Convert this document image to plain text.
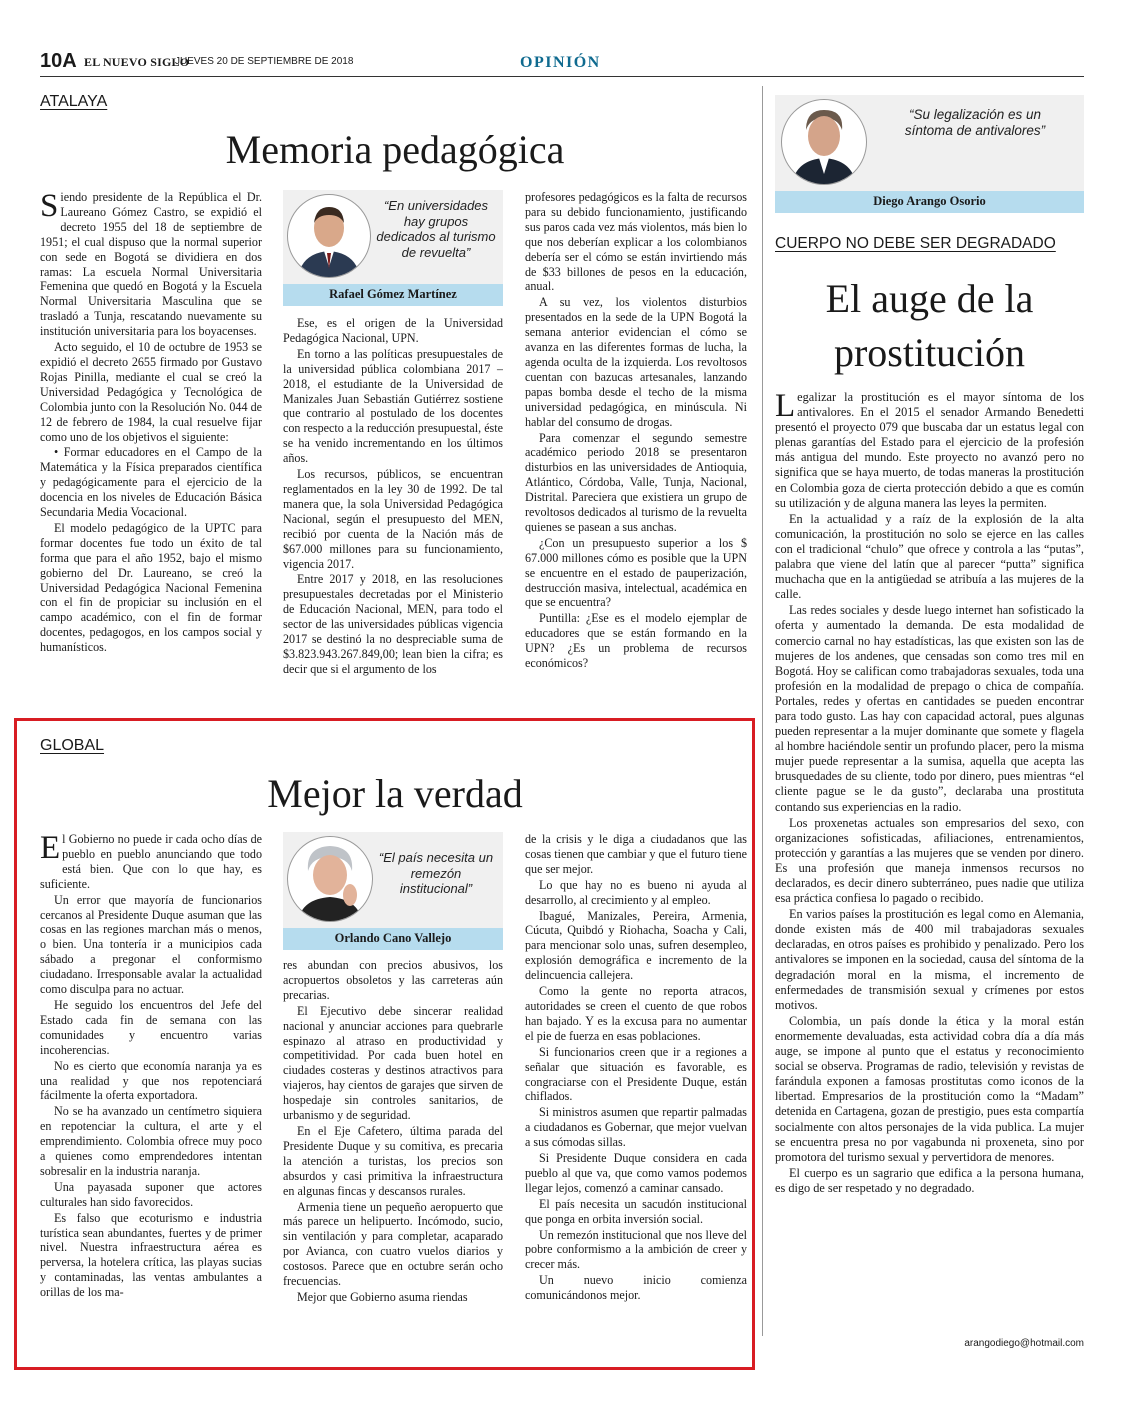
10A EL NUEVO SIGLO
JUEVES 20 DE SEPTIEMBRE DE 2018	OPINIÓN
ATALAYA
Memoria pedagógica

Siendo presidente de la República el Dr. Laureano Gómez Castro, se expidió el decreto 1955 del 18 de septiembre de 1951; el cual dispuso que la normal superior con sede en Bogotá se dividiera en dos ramas: La escuela Normal Universitaria Femenina que quedó en Bogotá y la Escuela Normal Universitaria Masculina que se trasladó a Tunja, rescatando nuevamente su institución universitaria para los boyacenses.

Acto seguido, el 10 de octubre de 1953 se expidió el decreto 2655 firmado por Gustavo Rojas Pinilla, mediante el cual se creó la Universidad Pedagógica y Tecnológica de Colombia junto con la Resolución No. 044 de 12 de febrero de 1984, la cual resuelve fijar como uno de los objetivos el siguiente:

• Formar educadores en el Campo de la Matemática y la Física preparados científica y pedagógicamente para el ejercicio de la docencia en los niveles de Educación Básica Secundaria Media Vocacional.

El modelo pedagógico de la UPTC para formar docentes fue todo un éxito de tal forma que para el año 1952, bajo el mismo gobierno del Dr. Laureano, se creó la Universidad Pedagógica Nacional Femenina con el fin de propiciar su inclusión en el campo académico, con el fin de formar docentes, pedagogos, en los campos social y humanísticos.

“En universidades hay grupos dedicados al turismo de revuelta”
Rafael Gómez Martínez

Ese, es el origen de la Universidad Pedagógica Nacional, UPN.

En torno a las políticas presupuestales de la universidad pública colombiana 2017 – 2018, el estudiante de la Universidad de Manizales Juan Sebastián Gutiérrez sostiene que contrario al postulado de los docentes con respecto a la reducción presupuestal, éste se ha venido incrementando en los últimos años.

Los recursos, públicos, se encuentran reglamentados en la ley 30 de 1992. De tal manera que, la sola Universidad Pedagógica Nacional, según el presupuesto del MEN, recibió por cuenta de la Nación más de $67.000 millones para su funcionamiento, vigencia 2017.

Entre 2017 y 2018, en las resoluciones presupuestales decretadas por el Ministerio de Educación Nacional, MEN, para todo el sector de las universidades públicas vigencia 2017 se destinó la no despreciable suma de $3.823.943.267.849,00; lean bien la cifra; es decir que si el argumento de los

profesores pedagógicos es la falta de recursos para su debido funcionamiento, justificando sus paros cada vez más violentos, más bien lo que nos deberían explicar a los colombianos debería ser el cómo se están invirtiendo más de $33 billones de pesos en la educación, anual.

A su vez, los violentos disturbios presentados en la sede de la UPN Bogotá la semana anterior evidencian el cómo se avanza en las diferentes formas de lucha, la agenda oculta de la izquierda. Los revoltosos cuentan con bazucas artesanales, lanzando papas bomba desde el techo de la misma universidad pedagógica, en minúscula. Ni hablar del consumo de drogas.

Para comenzar el segundo semestre académico periodo 2018 se presentaron disturbios en las universidades de Antioquia, Atlántico, Córdoba, Valle, Tunja, Nacional, Distrital. Pareciera que existiera un grupo de revoltosos dedicados al turismo de la revuelta quienes se pasean a sus anchas.

¿Con un presupuesto superior a los $ 67.000 millones cómo es posible que la UPN se encuentre en el estado de pauperización, destrucción masiva, intelectual, académica en que se encuentra?

Puntilla: ¿Ese es el modelo ejemplar de educadores que se están formando en la UPN? ¿Es un problema de recursos económicos?

GLOBAL
Mejor la verdad

El Gobierno no puede ir cada ocho días de pueblo en pueblo anunciando que todo está bien. Que con lo que hay, es suficiente.

Un error que mayoría de funcionarios cercanos al Presidente Duque asuman que las cosas en las regiones marchan más o menos, o bien. Una tontería ir a municipios cada sábado a pregonar el conformismo ciudadano. Irresponsable avalar la actualidad como disculpa para no actuar.

He seguido los encuentros del Jefe del Estado cada fin de semana con las comunidades y encuentro varias incoherencias.

No es cierto que economía naranja ya es una realidad y que nos repotenciará fácilmente la oferta exportadora.

No se ha avanzado un centímetro siquiera en repotenciar la cultura, el arte y el emprendimiento. Colombia ofrece muy poco a quienes como emprendedores intentan sobresalir en la industria naranja.

Una payasada suponer que actores culturales han sido favorecidos.

Es falso que ecoturismo e industria turística sean abundantes, fuertes y de primer nivel. Nuestra infraestructura aérea es perversa, la hotelera crítica, las playas sucias y contaminadas, las ventas ambulantes a orillas de los ma-

“El país necesita un remezón institucional”
Orlando Cano Vallejo

res abundan con precios abusivos, los acropuertos obsoletos y las carreteras aún precarias.

El Ejecutivo debe sincerar realidad nacional y anunciar acciones para quebrarle espinazo al atraso en productividad y competitividad. Por cada buen hotel en ciudades costeras y destinos atractivos para viajeros, hay cientos de garajes que sirven de hospedaje sin controles sanitarios, de urbanismo y de seguridad.

En el Eje Cafetero, última parada del Presidente Duque y su comitiva, es precaria la atención a turistas, los precios son absurdos y casi primitiva la infraestructura en algunas fincas y descansos rurales.

Armenia tiene un pequeño aeropuerto que más parece un helipuerto. Incómodo, sucio, sin ventilación y para completar, acaparado por Avianca, con cuatro vuelos diarios y costosos. Parece que en octubre serán ocho frecuencias.

Mejor que Gobierno asuma riendas

de la crisis y le diga a ciudadanos que las cosas tienen que cambiar y que el futuro tiene que ser mejor.

Lo que hay no es bueno ni ayuda al desarrollo, al crecimiento y al empleo.

Ibagué, Manizales, Pereira, Armenia, Cúcuta, Quibdó y Riohacha, Soacha y Cali, para mencionar solo unas, sufren desempleo, explosión demográfica e incremento de la delincuencia callejera.

Como la gente no reporta atracos, autoridades se creen el cuento de que robos han bajado. Y es la excusa para no aumentar el pie de fuerza en esas poblaciones.

Si funcionarios creen que ir a regiones a señalar que situación es favorable, es congraciarse con el Presidente Duque, están chiflados.

Si ministros asumen que repartir palmadas a ciudadanos es Gobernar, que mejor vuelvan a sus cómodas sillas.

Si Presidente Duque considera en cada pueblo al que va, que como vamos podemos llegar lejos, comenzó a caminar cansado.

El país necesita un sacudón institucional que ponga en orbita inversión social.

Un remezón institucional que nos lleve del pobre conformismo a la ambición de creer y crecer más.

Un nuevo inicio comienza comunicándonos mejor.

“Su legalización es un síntoma de antivalores”
Diego Arango Osorio
CUERPO NO DEBE SER DEGRADADO
El auge de la
prostitución

Legalizar la prostitución es el mayor síntoma de los antivalores. En el 2015 el senador Armando Benedetti presentó el proyecto 079 que buscaba dar un estatus legal con plenas garantías del Estado para el ejercicio de la profesión más antigua del mundo. Este proyecto no avanzó pero no significa que se haya muerto, de todas maneras la prostitución en Colombia goza de cierta protección debido a que es común su utilización y de alguna manera las leyes la permiten.

En la actualidad y a raíz de la explosión de la alta comunicación, la prostitución no solo se ejerce en las calles con el tradicional “chulo” que ofrece y controla a las “putas”, palabra que viene del latín que al parecer “putta” significa muchacha que en la antigüedad se atribuía a las mujeres de la calle.

Las redes sociales y desde luego internet han sofisticado la oferta y aumentado la demanda. De esta modalidad de comercio carnal no hay estadísticas, las que existen son las de mujeres de los andenes, que censadas son como tres mil en Bogotá. Hoy se califican como trabajadoras sexuales, toda una profesión en la modalidad de prepago o chica de compañía. Portales, redes y ofertas en cantidades se pueden encontrar para todo gusto. Las hay con capacidad actoral, pues algunas pueden representar a la mujer dominante que somete y flagela al hombre haciéndole sentir un profundo placer, pero la misma mujer puede representar a la sumisa, aquella que acepta las brusquedades de su cliente, todo por dinero, pues mientras “el cliente pague se le da gusto”, declaraba una prostituta contando sus experiencias en la radio.

Los proxenetas actuales son empresarios del sexo, con organizaciones sofisticadas, afiliaciones, entrenamientos, protección y garantías a las mujeres que se venden por dinero. Es una profesión que maneja inmensos recursos no declarados, es decir dinero subterráneo, pues nadie que utiliza esa práctica confiesa lo pagado o recibido.

En varios países la prostitución es legal como en Alemania, donde existen más de 400 mil trabajadoras sexuales declaradas, en otros países es prohibido y penalizado. Pero los antivalores se imponen en la sociedad, causa del síntoma de la degradación moral en la misma, el incremento de enfermedades de transmisión sexual y crímenes por estos motivos.

Colombia, un país donde la ética y la moral están enormemente devaluadas, esta actividad cobra día a día más auge, se impone al punto que el estatus y reconocimiento social se observa. Programas de radio, televisión y revistas de farándula exponen a famosas prostitutas como iconos de la libertad. Empresarios de la prostitución como la “Madam” detenida en Cartagena, gozan de prestigio, pues esta compartía socialmente con altos personajes de la vida publica. La mujer se encuentra presa no por vagabunda ni proxeneta, sino por promotora del turismo sexual y pervertidora de menores.

El cuerpo es un sagrario que edifica a la persona humana, es digo de ser respetado y no degradado.

arangodiego@hotmail.com
